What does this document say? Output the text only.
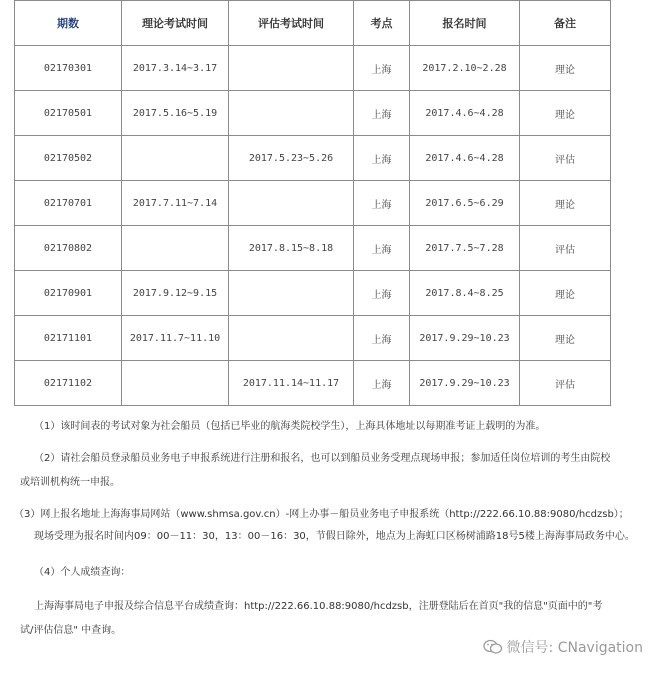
期数	理论考试时间	评估考试时间	考点	报名时间	备注
02170301	2017.3.14~3.17		上海	2017.2.10~2.28	理论
02170501	2017.5.16~5.19		上海	2017.4.6~4.28	理论
02170502		2017.5.23~5.26	上海	2017.4.6~4.28	评估
02170701	2017.7.11~7.14		上海	2017.6.5~6.29	理论
02170802		2017.8.15~8.18	上海	2017.7.5~7.28	评估
02170901	2017.9.12~9.15		上海	2017.8.4~8.25	理论
02171101	2017.11.7~11.10		上海	2017.9.29~10.23	理论
02171102		2017.11.14~11.17	上海	2017.9.29~10.23	评估

（1）该时间表的考试对象为社会船员（包括已毕业的航海类院校学生），上海具体地址以每期准考证上载明的为准。

（2）请社会船员登录船员业务电子申报系统进行注册和报名，也可以到船员业务受理点现场申报；参加适任岗位培训的考生由院校

或培训机构统一申报。

（3）网上报名地址上海海事局网站（www.shmsa.gov.cn）-网上办事－船员业务电子申报系统（http://222.66.10.88:9080/hcdzsb）；

现场受理为报名时间内09：00－11：30，13：00－16：30，节假日除外，地点为上海虹口区杨树浦路18号5楼上海海事局政务中心。

（4）个人成绩查询：

上海海事局电子申报及综合信息平台成绩查询：http://222.66.10.88:9080/hcdzsb，注册登陆后在首页"我的信息"页面中的"考

试/评估信息" 中查询。

微信号: CNavigation
